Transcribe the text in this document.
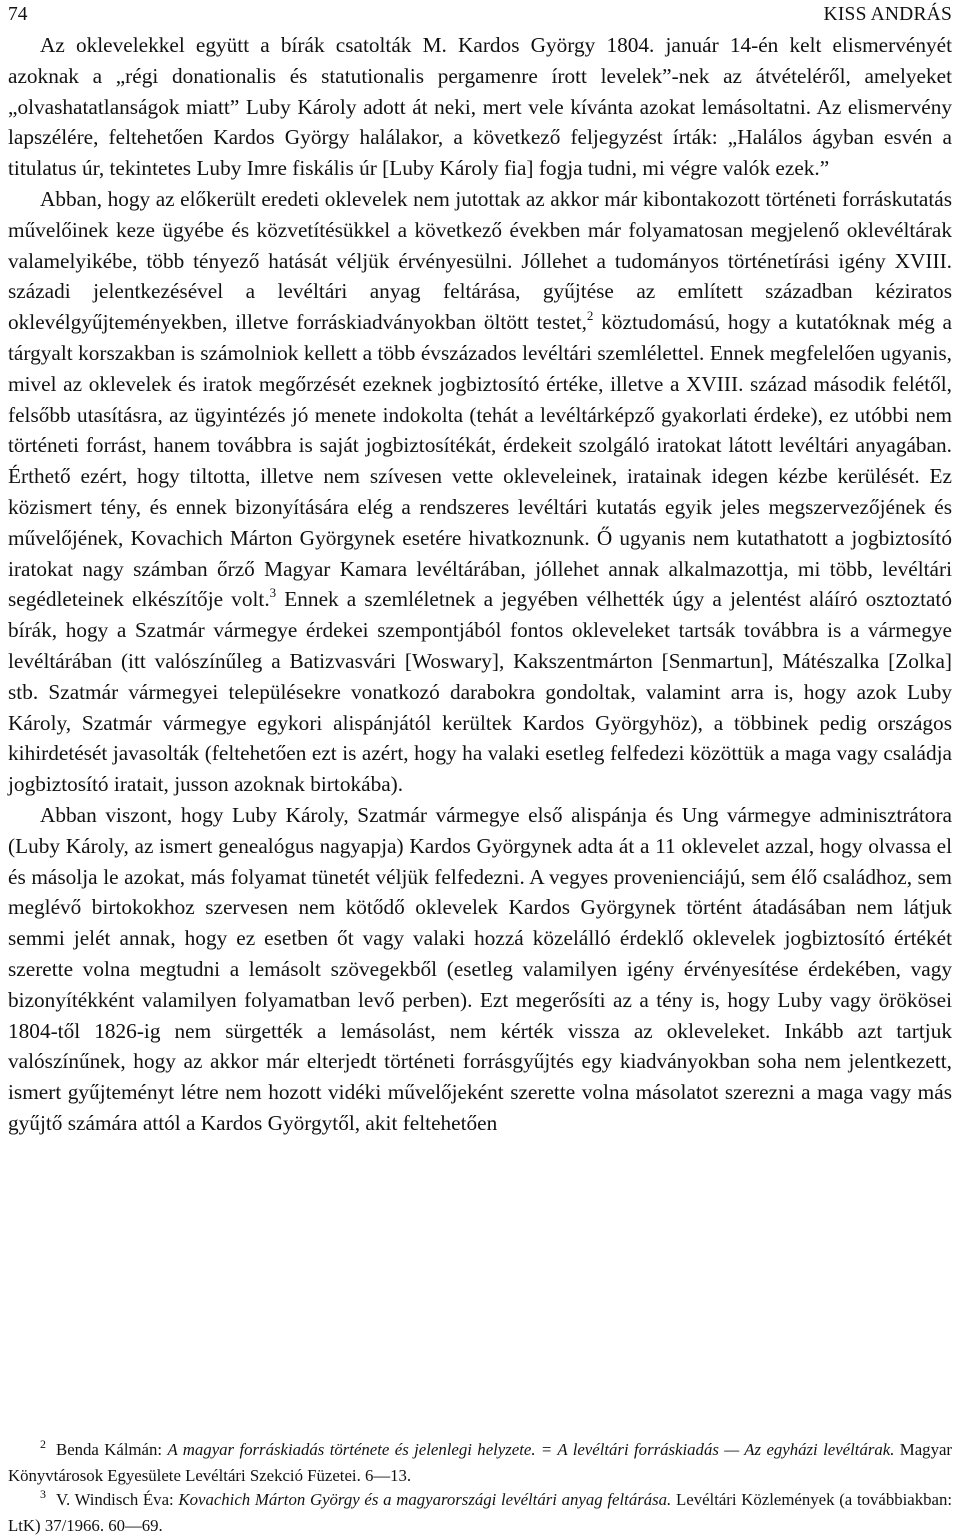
74	KISS ANDRÁS

Az oklevelekkel együtt a bírák csatolták M. Kardos György 1804. január 14-én kelt elismervényét azoknak a „régi donationalis és statutionalis pergamenre írott levelek”-nek az átvételéről, amelyeket „olvashatatlanságok miatt” Luby Károly adott át neki, mert vele kívánta azokat lemásoltatni. Az elismervény lapszélére, feltehetően Kardos György halálakor, a következő feljegyzést írták: „Halálos ágyban esvén a titulatus úr, tekintetes Luby Imre fiskális úr [Luby Károly fia] fogja tudni, mi végre valók ezek.”

Abban, hogy az előkerült eredeti oklevelek nem jutottak az akkor már kibontakozott történeti forráskutatás művelőinek keze ügyébe és közvetítésükkel a következő években már folyamatosan megjelenő oklevéltárak valamelyikébe, több tényező hatását véljük érvényesülni. Jóllehet a tudományos történetírási igény XVIII. századi jelentkezésével a levéltári anyag feltárása, gyűjtése az említett században kéziratos oklevélgyűjteményekben, illetve forráskiadványokban öltött testet,$^2$ köztudomású, hogy a kutatóknak még a tárgyalt korszakban is számolniok kellett a több évszázados levéltári szemlélettel. Ennek megfelelően ugyanis, mivel az oklevelek és iratok megőrzését ezeknek jogbiztosító értéke, illetve a XVIII. század második felétől, felsőbb utasításra, az ügyintézés jó menete indokolta (tehát a levéltárképző gyakorlati érdeke), ez utóbbi nem történeti forrást, hanem továbbra is saját jogbiztosítékát, érdekeit szolgáló iratokat látott levéltári anyagában. Érthető ezért, hogy tiltotta, illetve nem szívesen vette okleveleinek, iratainak idegen kézbe kerülését. Ez közismert tény, és ennek bizonyítására elég a rendszeres levéltári kutatás egyik jeles megszervezőjének és művelőjének, Kovachich Márton Györgynek esetére hivatkoznunk. Ő ugyanis nem kutathatott a jogbiztosító iratokat nagy számban őrző Magyar Kamara levéltárában, jóllehet annak alkalmazottja, mi több, levéltári segédleteinek elkészítője volt.$^3$ Ennek a szemléletnek a jegyében vélhették úgy a jelentést aláíró osztoztató bírák, hogy a Szatmár vármegye érdekei szempontjából fontos okleveleket tartsák továbbra is a vármegye levéltárában (itt valószínűleg a Batizvasvári [Woswary], Kakszentmárton [Senmartun], Mátészalka [Zolka] stb. Szatmár vármegyei településekre vonatkozó darabokra gondoltak, valamint arra is, hogy azok Luby Károly, Szatmár vármegye egykori alispánjától kerültek Kardos Györgyhöz), a többinek pedig országos kihirdetését javasolták (feltehetően ezt is azért, hogy ha valaki esetleg felfedezi közöttük a maga vagy családja jogbiztosító iratait, jusson azoknak birtokába).

Abban viszont, hogy Luby Károly, Szatmár vármegye első alispánja és Ung vármegye adminisztrátora (Luby Károly, az ismert genealógus nagyapja) Kardos Györgynek adta át a 11 oklevelet azzal, hogy olvassa el és másolja le azokat, más folyamat tünetét véljük felfedezni. A vegyes provenienciájú, sem élő családhoz, sem meglévő birtokokhoz szervesen nem kötődő oklevelek Kardos Györgynek történt átadásában nem látjuk semmi jelét annak, hogy ez esetben őt vagy valaki hozzá közelálló érdeklő oklevelek jogbiztosító értékét szerette volna megtudni a lemásolt szövegekből (esetleg valamilyen igény érvényesítése érdekében, vagy bizonyítékként valamilyen folyamatban levő perben). Ezt megerősíti az a tény is, hogy Luby vagy örökösei 1804-től 1826-ig nem sürgették a lemásolást, nem kérték vissza az okleveleket. Inkább azt tartjuk valószínűnek, hogy az akkor már elterjedt történeti forrásgyűjtés egy kiadványokban soha nem jelentkezett, ismert gyűjteményt létre nem hozott vidéki művelőjeként szerette volna másolatot szerezni a maga vagy más gyűjtő számára attól a Kardos Györgytől, akit feltehetően

$^2$ Benda Kálmán: A magyar forráskiadás története és jelenlegi helyzete. = A levéltári forráskiadás — Az egyházi levéltárak. Magyar Könyvtárosok Egyesülete Levéltári Szekció Füzetei. 6—13.

$^3$ V. Windisch Éva: Kovachich Márton György és a magyarországi levéltári anyag feltárása. Levéltári Közlemények (a továbbiakban: LtK) 37/1966. 60—69.
